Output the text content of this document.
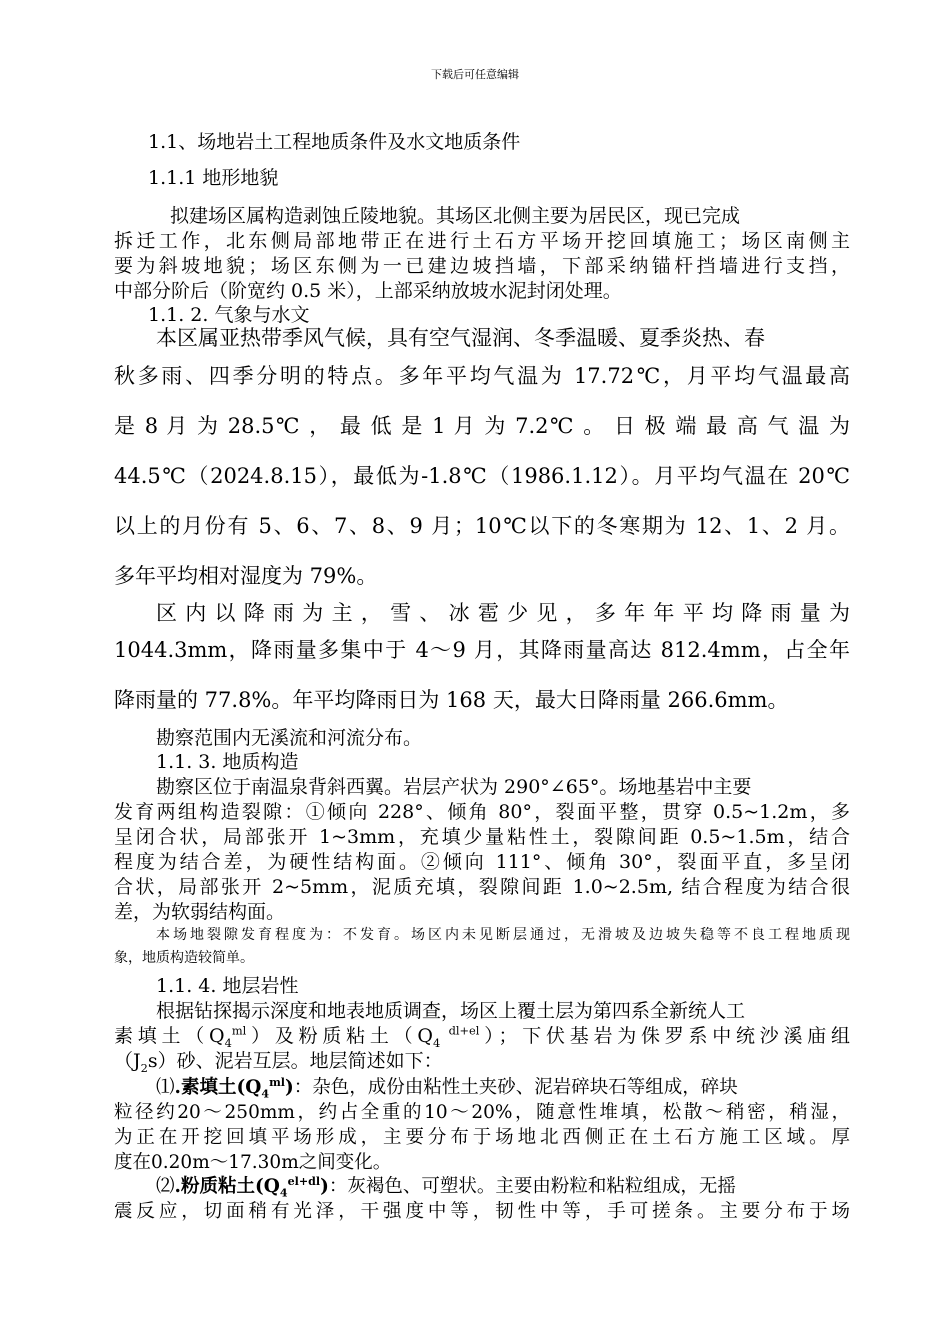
下载后可任意编辑
1.1、场地岩土工程地质条件及水文地质条件
1.1.1 地形地貌
拟建场区属构造剥蚀丘陵地貌。其场区北侧主要为居民区，现已完成
拆迁工作，北东侧局部地带正在进行土石方平场开挖回填施工；场区南侧主
要为斜坡地貌；场区东侧为一已建边坡挡墙，下部采纳锚杆挡墙进行支挡，
中部分阶后（阶宽约 0.5 米），上部采纳放坡水泥封闭处理。
1.1. 2. 气象与水文
本区属亚热带季风气候，具有空气湿润、冬季温暖、夏季炎热、春
秋多雨、四季分明的特点。多年平均气温为 17.72℃，月平均气温最高
是 8 月 为 28.5℃ ， 最 低 是 1 月 为 7.2℃ 。 日 极 端 最 高 气 温 为
44.5℃（2024.8.15），最低为-1.8℃（1986.1.12）。月平均气温在 20℃
以上的月份有 5、6、7、8、9 月；10℃以下的冬寒期为 12、1、2 月。
多年平均相对湿度为 79%。
区 内 以 降 雨 为 主 ， 雪 、 冰 雹 少 见 ， 多 年 年 平 均 降 雨 量 为
1044.3mm，降雨量多集中于 4～9 月，其降雨量高达 812.4mm，占全年
降雨量的 77.8%。年平均降雨日为 168 天，最大日降雨量 266.6mm。
勘察范围内无溪流和河流分布。
1.1. 3. 地质构造
勘察区位于南温泉背斜西翼。岩层产状为 290°∠65°。场地基岩中主要
发育两组构造裂隙：①倾向 228°、倾角 80°，裂面平整，贯穿 0.5~1.2m，多
呈闭合状，局部张开 1~3mm，充填少量粘性土，裂隙间距 0.5~1.5m，结合
程度为结合差，为硬性结构面。②倾向 111°、倾角 30°，裂面平直，多呈闭
合状，局部张开 2~5mm，泥质充填，裂隙间距 1.0~2.5m, 结合程度为结合很
差，为软弱结构面。
本场地裂隙发育程度为：不发育。场区内未见断层通过，无滑坡及边坡失稳等不良工程地质现
象，地质构造较简单。
1.1. 4. 地层岩性
根据钻探揭示深度和地表地质调查，场区上覆土层为第四系全新统人工
素填土$(Q_4^{ml})$及粉质粘土（$Q_4$ $^{dl+el}$）；下伏基岩为侏罗系中统沙溪庙组
$(J_2s)$砂、泥岩互层。地层简述如下：
⑴.素填土$(Q_4^{ml})$：杂色，成份由粘性土夹砂、泥岩碎块石等组成，碎块
粒径约20～250mm，约占全重的10～20%，随意性堆填，松散～稍密，稍湿，
为正在开挖回填平场形成，主要分布于场地北西侧正在土石方施工区域。厚
度在0.20m～17.30m之间变化。
⑵.粉质粘土$(Q_4^{el+dl})$：灰褐色、可塑状。主要由粉粒和粘粒组成，无摇
震反应，切面稍有光泽，干强度中等，韧性中等，手可搓条。主要分布于场
